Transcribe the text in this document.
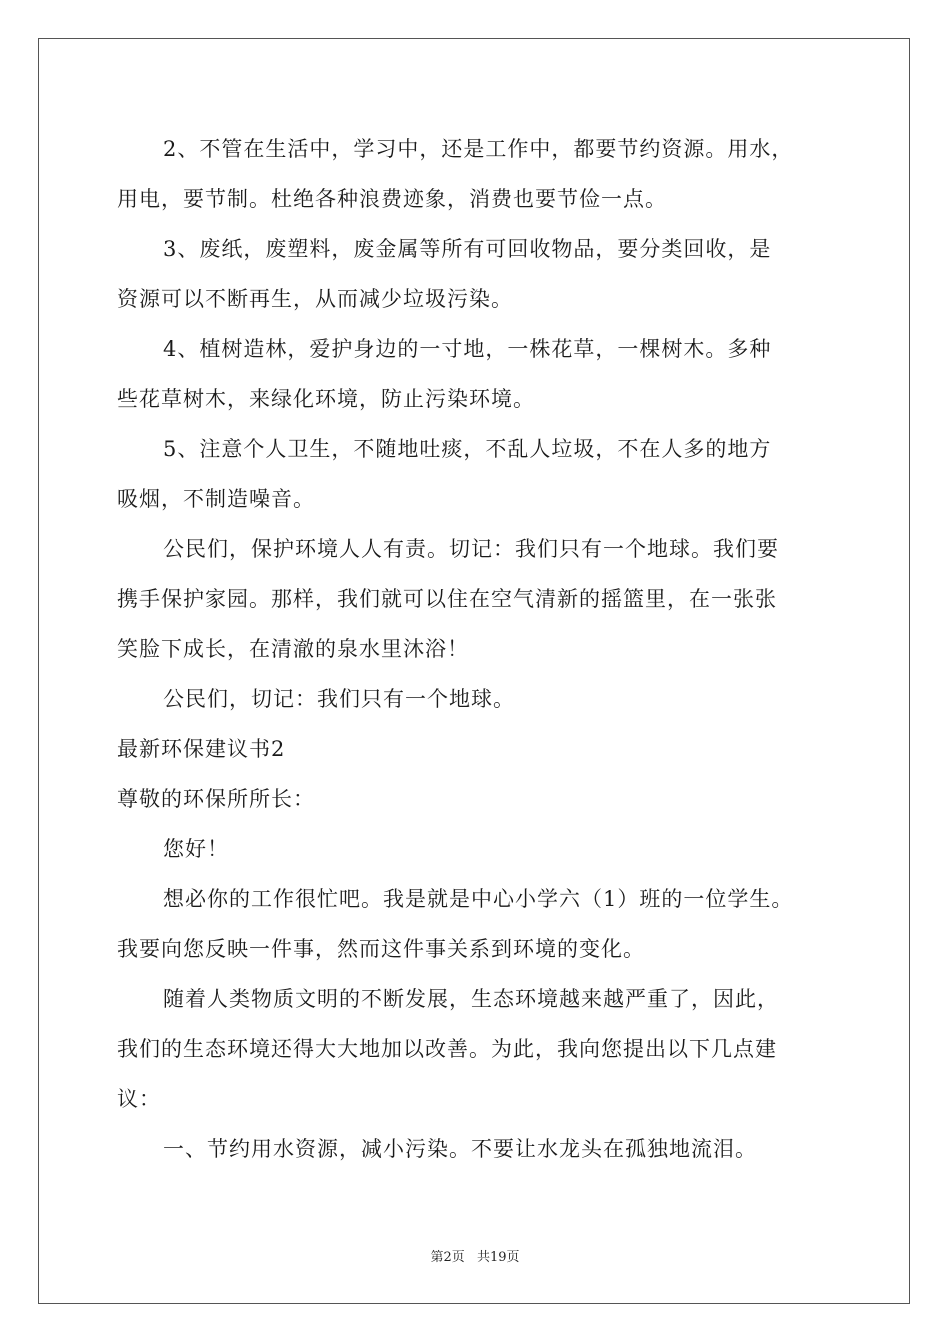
2、不管在生活中，学习中，还是工作中，都要节约资源。用水，
用电，要节制。杜绝各种浪费迹象，消费也要节俭一点。
3、废纸，废塑料，废金属等所有可回收物品，要分类回收，是
资源可以不断再生，从而减少垃圾污染。
4、植树造林，爱护身边的一寸地，一株花草，一棵树木。多种
些花草树木，来绿化环境，防止污染环境。
5、注意个人卫生，不随地吐痰，不乱人垃圾，不在人多的地方
吸烟，不制造噪音。
公民们，保护环境人人有责。切记：我们只有一个地球。我们要
携手保护家园。那样，我们就可以住在空气清新的摇篮里，在一张张
笑脸下成长，在清澈的泉水里沐浴！
公民们，切记：我们只有一个地球。
最新环保建议书2
尊敬的环保所所长：
您好！
想必你的工作很忙吧。我是就是中心小学六（1）班的一位学生。
我要向您反映一件事，然而这件事关系到环境的变化。
随着人类物质文明的不断发展，生态环境越来越严重了，因此，
我们的生态环境还得大大地加以改善。为此，我向您提出以下几点建
议：
一、节约用水资源，减小污染。不要让水龙头在孤独地流泪。
第2页 共19页
